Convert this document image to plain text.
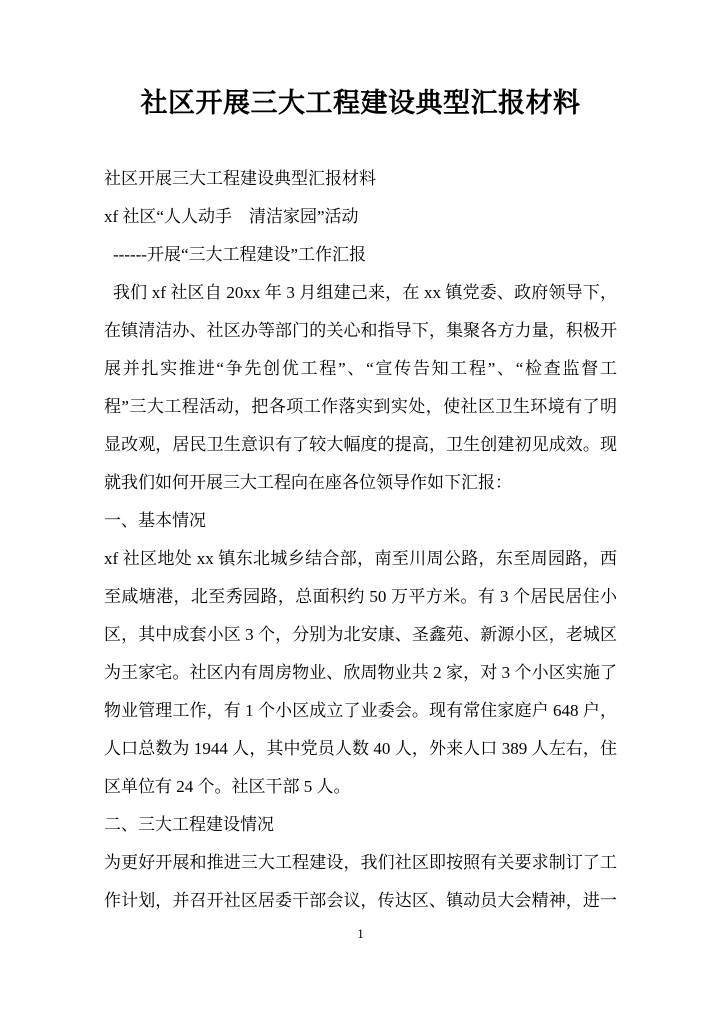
社区开展三大工程建设典型汇报材料
社区开展三大工程建设典型汇报材料
xf 社区“人人动手　清洁家园”活动
------开展“三大工程建设”工作汇报
我们 xf 社区自 20xx 年 3 月组建己来，在 xx 镇党委、政府领导下，
在镇清洁办、社区办等部门的关心和指导下，集聚各方力量，积极开
展并扎实推进“争先创优工程”、“宣传告知工程”、“检查监督工
程”三大工程活动，把各项工作落实到实处，使社区卫生环境有了明
显改观，居民卫生意识有了较大幅度的提高，卫生创建初见成效。现
就我们如何开展三大工程向在座各位领导作如下汇报：
一、基本情况
xf 社区地处 xx 镇东北城乡结合部，南至川周公路，东至周园路，西
至咸塘港，北至秀园路，总面积约 50 万平方米。有 3 个居民居住小
区，其中成套小区 3 个，分别为北安康、圣鑫苑、新源小区，老城区
为王家宅。社区内有周房物业、欣周物业共 2 家，对 3 个小区实施了
物业管理工作，有 1 个小区成立了业委会。现有常住家庭户 648 户，
人口总数为 1944 人，其中党员人数 40 人，外来人口 389 人左右，住
区单位有 24 个。社区干部 5 人。
二、三大工程建设情况
为更好开展和推进三大工程建设，我们社区即按照有关要求制订了工
作计划，并召开社区居委干部会议，传达区、镇动员大会精神，进一
1
